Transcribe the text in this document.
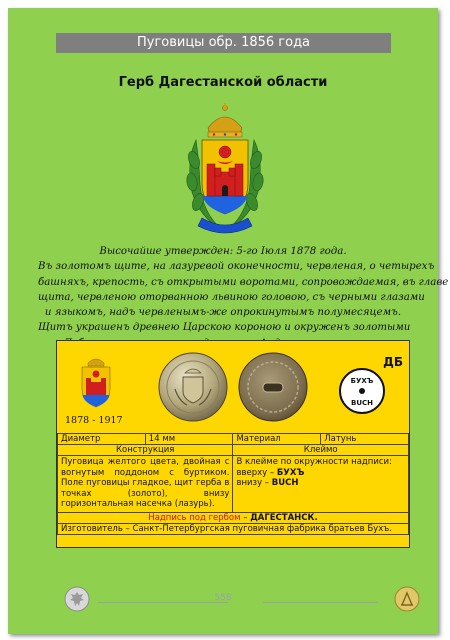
Пуговицы обр. 1856 года
Герб Дагестанской области
Высочайше утвержден: 5-го Іюля 1878 года.
Въ золотомъ щите, на лазуревой оконечности, червленая, о четырехъ
башняхъ, крепость, съ открытыми воротами, сопровождаемая, въ главе
щита, червленою оторванною львиною головою, съ черными глазами
и языкомъ, надъ червленымъ-же опрокинутымъ полумесяцемъ.
Щитъ украшенъ древнею Царскою короною и окруженъ золотыми
1878 - 1917
БУХЪ
BUCH
ДБ
Диаметр	14 мм	Материал	Латунь
Конструкция		Клеймо	
Пуговица желтого цвета, двойная с вогнутым поддоном с буртиком. Поле пуговицы гладкое, щит герба в точках (золото), внизу горизонтальная насечка (лазурь).		В клейме по окружности надписи:
вверху – БУХЪ
внизу – BUCH	

Надпись под гербом – ДАГЕСТАНСК.			
Изготовитель – Санкт-Петербургская пуговичная фабрика братьев Бухъ.			
558
